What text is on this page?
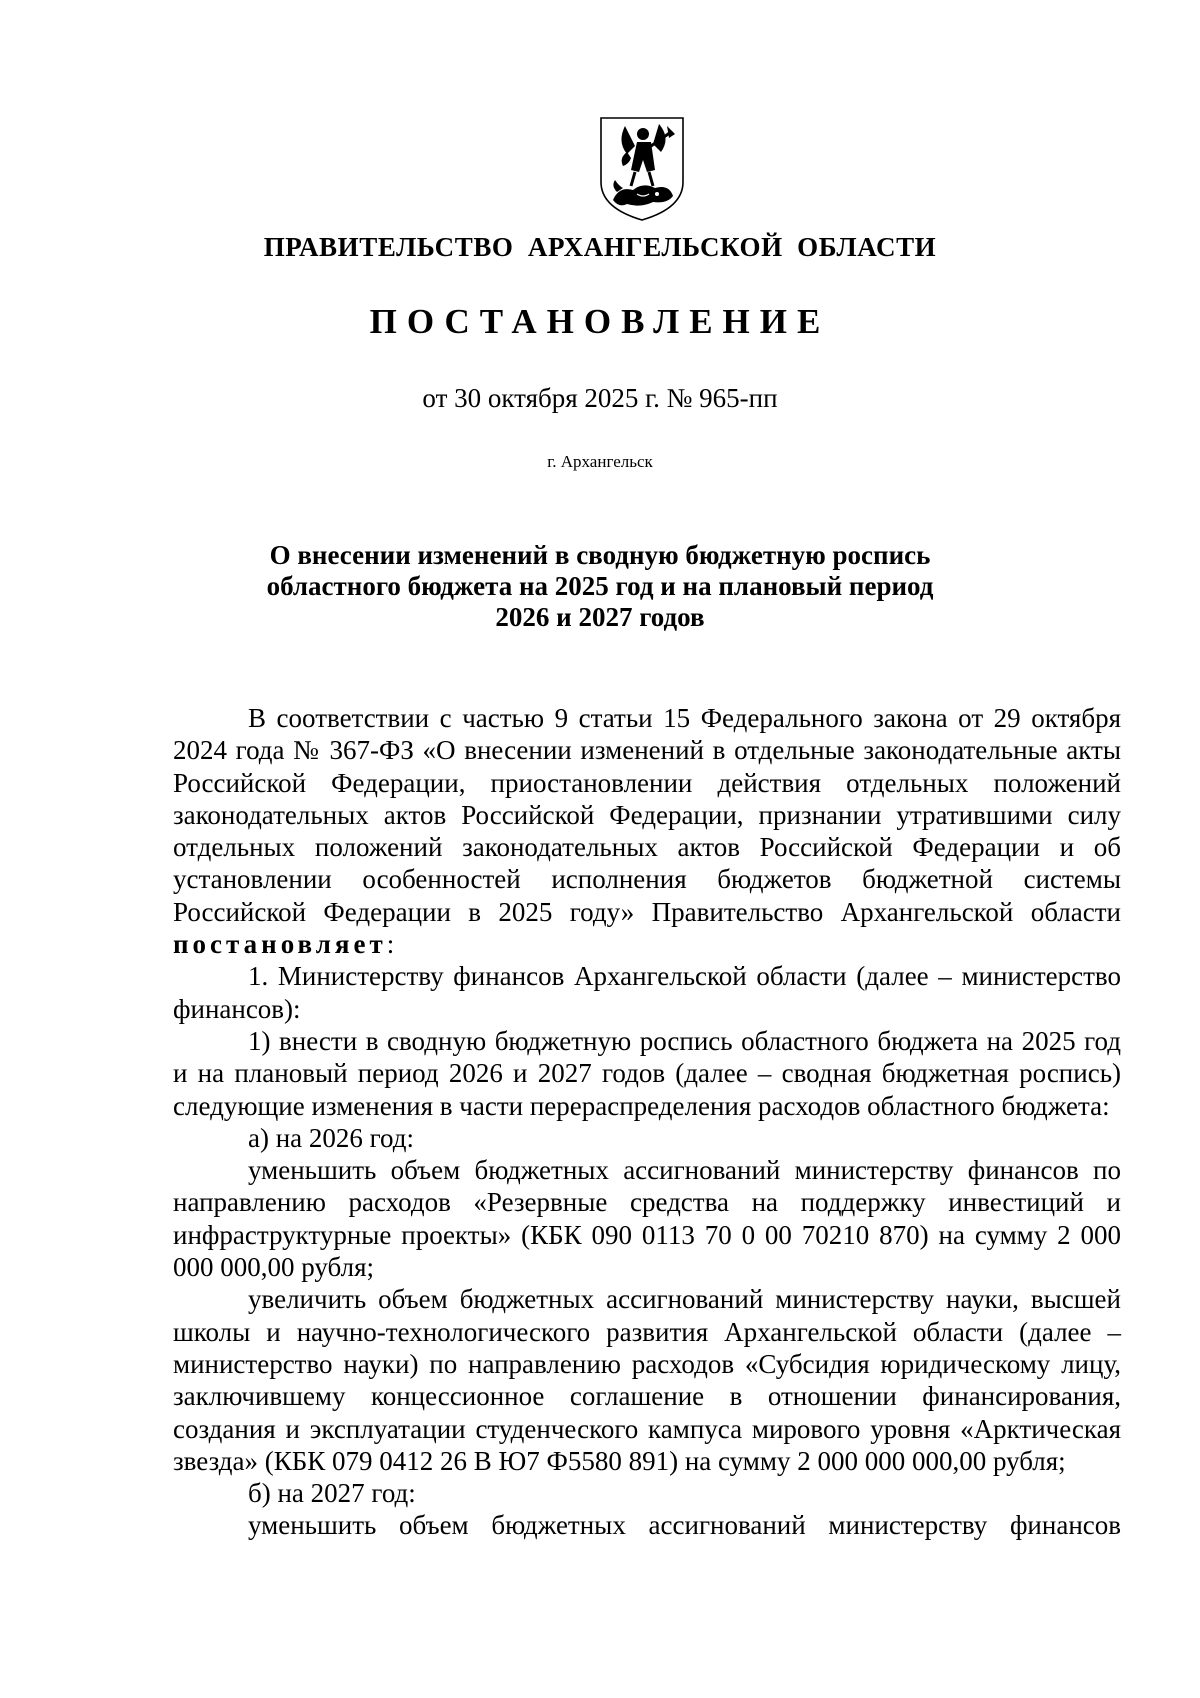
ПРАВИТЕЛЬСТВО АРХАНГЕЛЬСКОЙ ОБЛАСТИ
ПОСТАНОВЛЕНИЕ
от 30 октября 2025 г. № 965-пп
г. Архангельск
О внесении изменений в сводную бюджетную роспись
областного бюджета на 2025 год и на плановый период
2026 и 2027 годов

В соответствии с частью 9 статьи 15 Федерального закона от 29 октября 2024 года № 367-ФЗ «О внесении изменений в отдельные законодательные акты Российской Федерации, приостановлении действия отдельных положений законодательных актов Российской Федерации, признании утратившими силу отдельных положений законодательных актов Российской Федерации и об установлении особенностей исполнения бюджетов бюджетной системы Российской Федерации в 2025 году» Правительство Архангельской области постановляет:

1. Министерству финансов Архангельской области (далее – министерство финансов):

1) внести в сводную бюджетную роспись областного бюджета на 2025 год и на плановый период 2026 и 2027 годов (далее – сводная бюджетная роспись) следующие изменения в части перераспределения расходов областного бюджета:

а) на 2026 год:

уменьшить объем бюджетных ассигнований министерству финансов по направлению расходов «Резервные средства на поддержку инвестиций и инфраструктурные проекты» (КБК 090 0113 70 0 00 70210 870) на сумму 2 000 000 000,00 рубля;

увеличить объем бюджетных ассигнований министерству науки, высшей школы и научно-технологического развития Архангельской области (далее – министерство науки) по направлению расходов «Субсидия юридическому лицу, заключившему концессионное соглашение в отношении финансирования, создания и эксплуатации студенческого кампуса мирового уровня «Арктическая звезда» (КБК 079 0412 26 В Ю7 Ф5580 891) на сумму 2 000 000 000,00 рубля;

б) на 2027 год:

уменьшить объем бюджетных ассигнований министерству финансов
